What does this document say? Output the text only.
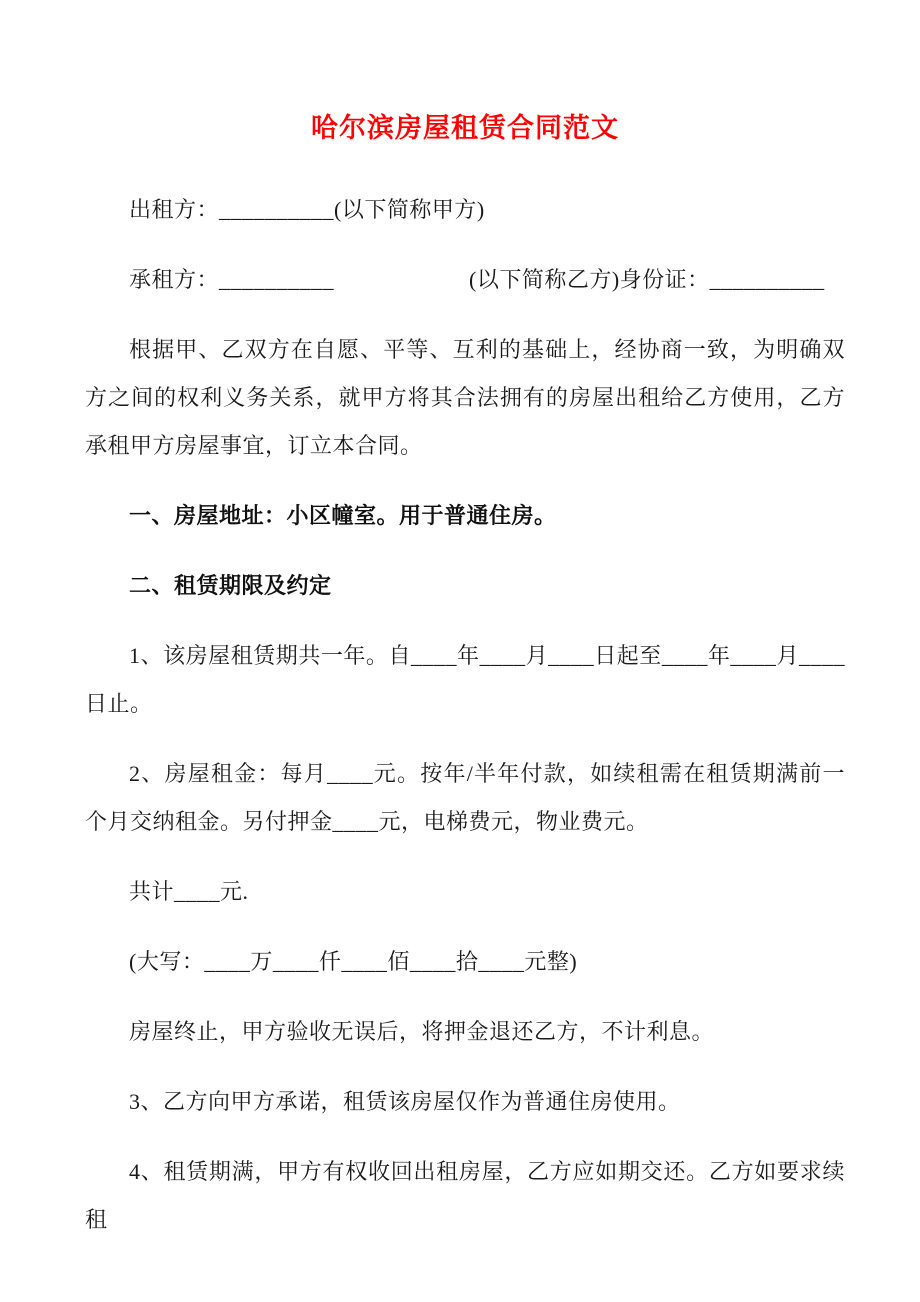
哈尔滨房屋租赁合同范文

出租方：__________(以下简称甲方)

承租方：__________　　　　　　(以下简称乙方)身份证：__________

根据甲、乙双方在自愿、平等、互利的基础上，经协商一致，为明确双方之间的权利义务关系，就甲方将其合法拥有的房屋出租给乙方使用，乙方承租甲方房屋事宜，订立本合同。

一、房屋地址：小区幢室。用于普通住房。

二、租赁期限及约定

1、该房屋租赁期共一年。自____年____月____日起至____年____月____日止。

2、房屋租金：每月____元。按年/半年付款，如续租需在租赁期满前一个月交纳租金。另付押金____元，电梯费元，物业费元。

共计____元.

(大写：____万____仟____佰____拾____元整)

房屋终止，甲方验收无误后，将押金退还乙方，不计利息。

3、乙方向甲方承诺，租赁该房屋仅作为普通住房使用。

4、租赁期满，甲方有权收回出租房屋，乙方应如期交还。乙方如要求续租
